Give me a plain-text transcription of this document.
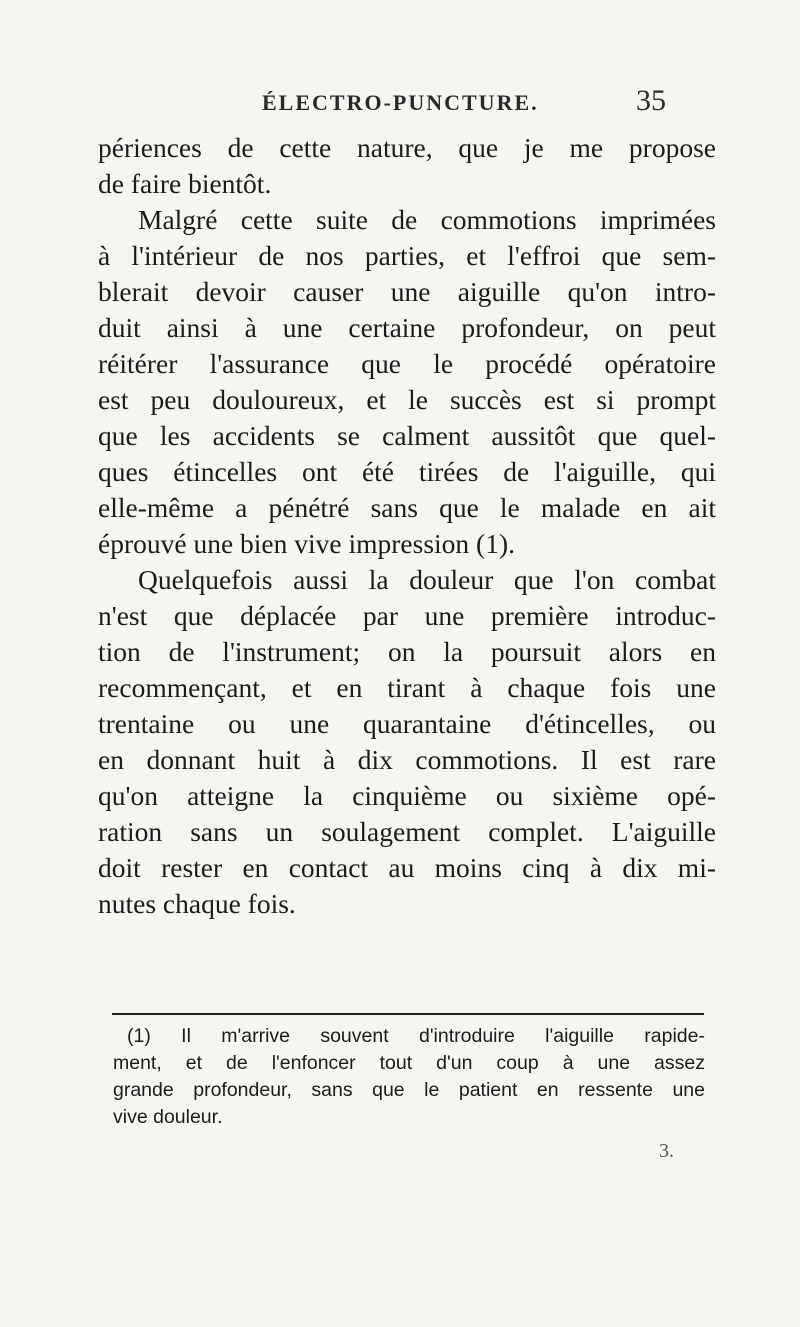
ÉLECTRO-PUNCTURE.	35
périences de cette nature, que je me propose
de faire bientôt.
Malgré cette suite de commotions imprimées
à l'intérieur de nos parties, et l'effroi que sem-
blerait devoir causer une aiguille qu'on intro-
duit ainsi à une certaine profondeur, on peut
réitérer l'assurance que le procédé opératoire
est peu douloureux, et le succès est si prompt
que les accidents se calment aussitôt que quel-
ques étincelles ont été tirées de l'aiguille, qui
elle-même a pénétré sans que le malade en ait
éprouvé une bien vive impression (1).
Quelquefois aussi la douleur que l'on combat
n'est que déplacée par une première introduc-
tion de l'instrument; on la poursuit alors en
recommençant, et en tirant à chaque fois une
trentaine ou une quarantaine d'étincelles, ou
en donnant huit à dix commotions. Il est rare
qu'on atteigne la cinquième ou sixième opé-
ration sans un soulagement complet. L'aiguille
doit rester en contact au moins cinq à dix mi-
nutes chaque fois.
(1) Il m'arrive souvent d'introduire l'aiguille rapide-
ment, et de l'enfoncer tout d'un coup à une assez
grande profondeur, sans que le patient en ressente une
vive douleur.
3.
